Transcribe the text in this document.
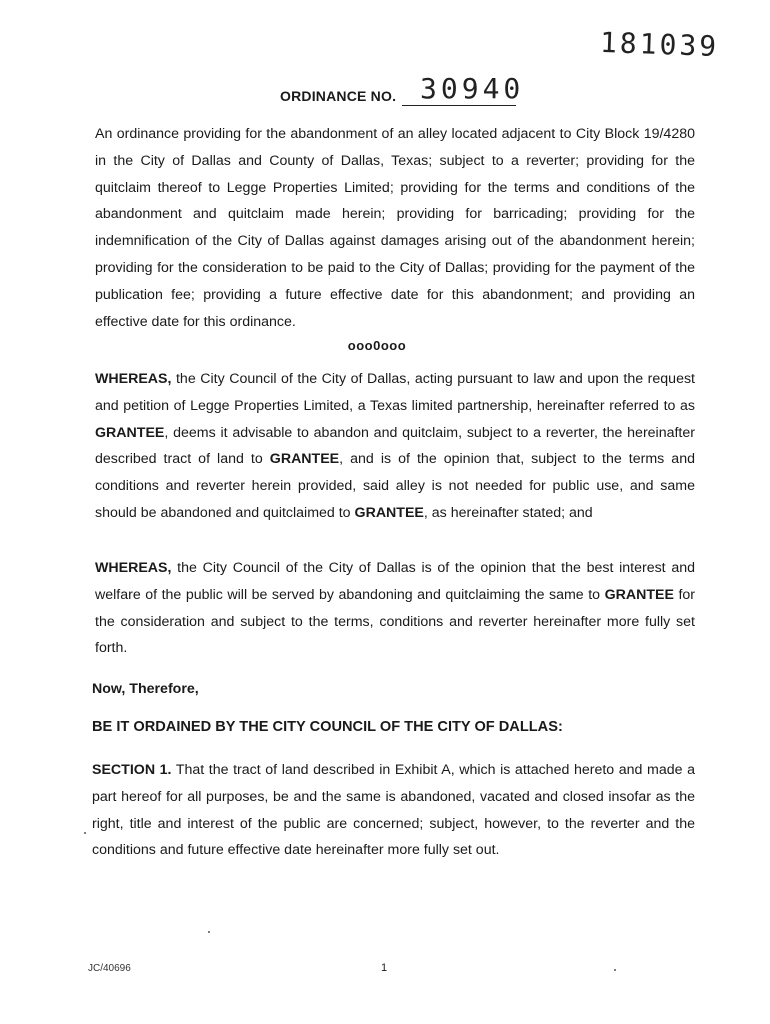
181039
ORDINANCE NO. 30940
An ordinance providing for the abandonment of an alley located adjacent to City Block 19/4280 in the City of Dallas and County of Dallas, Texas; subject to a reverter; providing for the quitclaim thereof to Legge Properties Limited; providing for the terms and conditions of the abandonment and quitclaim made herein; providing for barricading; providing for the indemnification of the City of Dallas against damages arising out of the abandonment herein; providing for the consideration to be paid to the City of Dallas; providing for the payment of the publication fee; providing a future effective date for this abandonment; and providing an effective date for this ordinance.
ooo0ooo
WHEREAS, the City Council of the City of Dallas, acting pursuant to law and upon the request and petition of Legge Properties Limited, a Texas limited partnership, hereinafter referred to as GRANTEE, deems it advisable to abandon and quitclaim, subject to a reverter, the hereinafter described tract of land to GRANTEE, and is of the opinion that, subject to the terms and conditions and reverter herein provided, said alley is not needed for public use, and same should be abandoned and quitclaimed to GRANTEE, as hereinafter stated; and
WHEREAS, the City Council of the City of Dallas is of the opinion that the best interest and welfare of the public will be served by abandoning and quitclaiming the same to GRANTEE for the consideration and subject to the terms, conditions and reverter hereinafter more fully set forth.
Now, Therefore,
BE IT ORDAINED BY THE CITY COUNCIL OF THE CITY OF DALLAS:
SECTION 1. That the tract of land described in Exhibit A, which is attached hereto and made a part hereof for all purposes, be and the same is abandoned, vacated and closed insofar as the right, title and interest of the public are concerned; subject, however, to the reverter and the conditions and future effective date hereinafter more fully set out.
JC/40696	1
